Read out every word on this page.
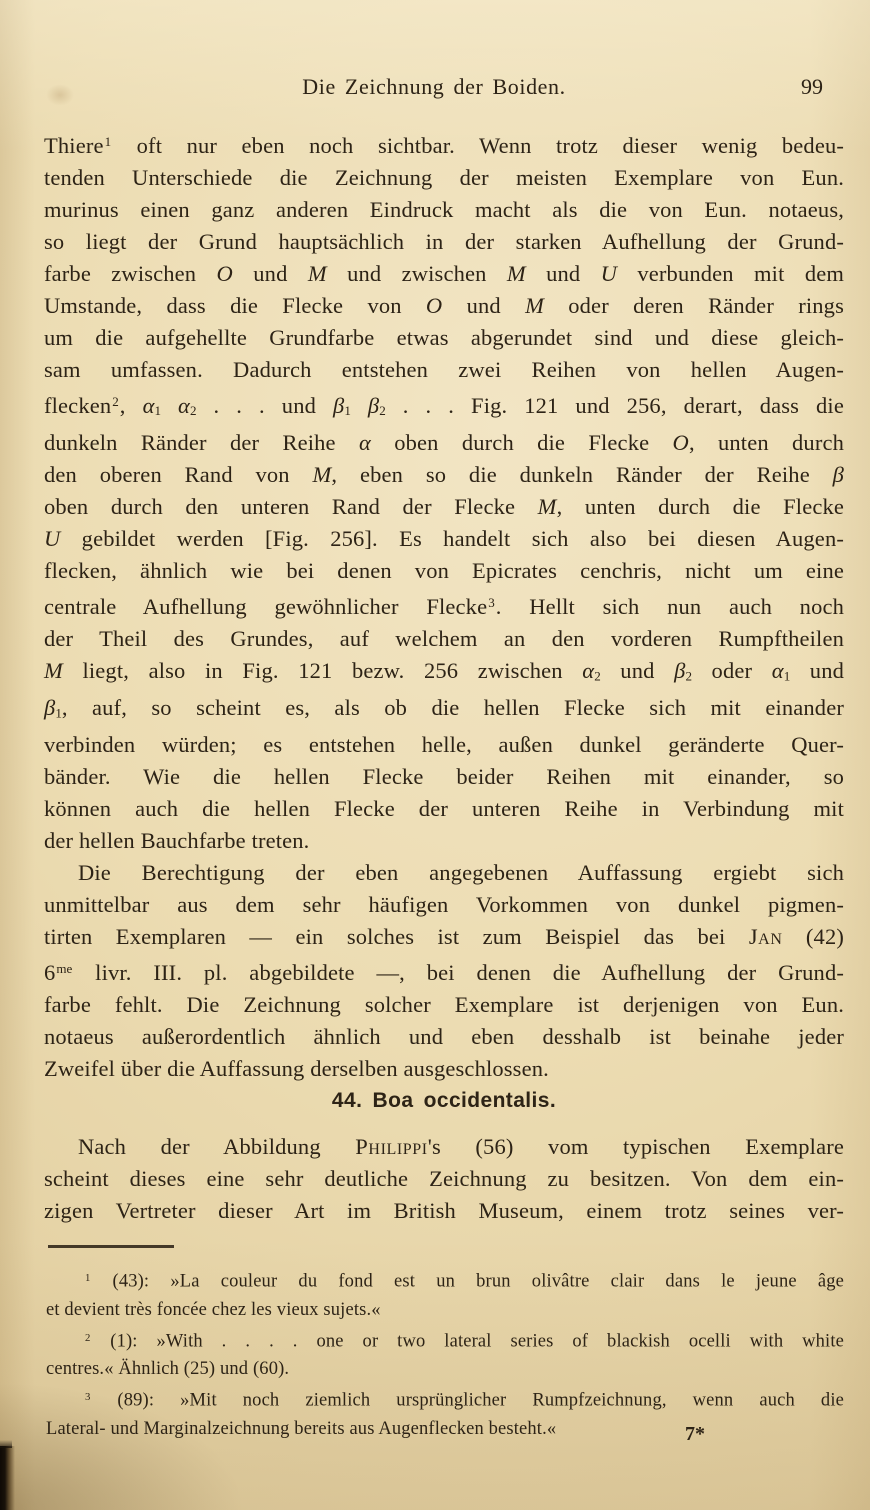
Die Zeichnung der Boiden.	99
Thiere$^1$ oft nur eben noch sichtbar. Wenn trotz dieser wenig bedeu-
tenden Unterschiede die Zeichnung der meisten Exemplare von Eun.
murinus einen ganz anderen Eindruck macht als die von Eun. notaeus,
so liegt der Grund hauptsächlich in der starken Aufhellung der Grund-
farbe zwischen O und M und zwischen M und U verbunden mit dem
Umstande, dass die Flecke von O und M oder deren Ränder rings
um die aufgehellte Grundfarbe etwas abgerundet sind und diese gleich-
sam umfassen. Dadurch entstehen zwei Reihen von hellen Augen-
flecken$^2$, α1 α2 . . . und β1 β2 . . . Fig. 121 und 256, derart, dass die
dunkeln Ränder der Reihe α oben durch die Flecke O, unten durch
den oberen Rand von M, eben so die dunkeln Ränder der Reihe β
oben durch den unteren Rand der Flecke M, unten durch die Flecke
U gebildet werden [Fig. 256]. Es handelt sich also bei diesen Augen-
flecken, ähnlich wie bei denen von Epicrates cenchris, nicht um eine
centrale Aufhellung gewöhnlicher Flecke$^3$. Hellt sich nun auch noch
der Theil des Grundes, auf welchem an den vorderen Rumpftheilen
M liegt, also in Fig. 121 bezw. 256 zwischen α2 und β2 oder α1 und
β1, auf, so scheint es, als ob die hellen Flecke sich mit einander
verbinden würden; es entstehen helle, außen dunkel geränderte Quer-
bänder. Wie die hellen Flecke beider Reihen mit einander, so
können auch die hellen Flecke der unteren Reihe in Verbindung mit
der hellen Bauchfarbe treten.
Die Berechtigung der eben angegebenen Auffassung ergiebt sich
unmittelbar aus dem sehr häufigen Vorkommen von dunkel pigmen-
tirten Exemplaren — ein solches ist zum Beispiel das bei Jan (42)
$6^{me}$ livr. III. pl. abgebildete —, bei denen die Aufhellung der Grund-
farbe fehlt. Die Zeichnung solcher Exemplare ist derjenigen von Eun.
notaeus außerordentlich ähnlich und eben desshalb ist beinahe jeder
Zweifel über die Auffassung derselben ausgeschlossen.
44. Boa occidentalis.
Nach der Abbildung Philippi's (56) vom typischen Exemplare
scheint dieses eine sehr deutliche Zeichnung zu besitzen. Von dem ein-
zigen Vertreter dieser Art im British Museum, einem trotz seines ver-
$^1$ (43): »La couleur du fond est un brun olivâtre clair dans le jeune âge
et devient très foncée chez les vieux sujets.«
$^2$ (1): »With . . . . one or two lateral series of blackish ocelli with white
centres.« Ähnlich (25) und (60).
$^3$ (89): »Mit noch ziemlich ursprünglicher Rumpfzeichnung, wenn auch die
Lateral- und Marginalzeichnung bereits aus Augenflecken besteht.«	7*
